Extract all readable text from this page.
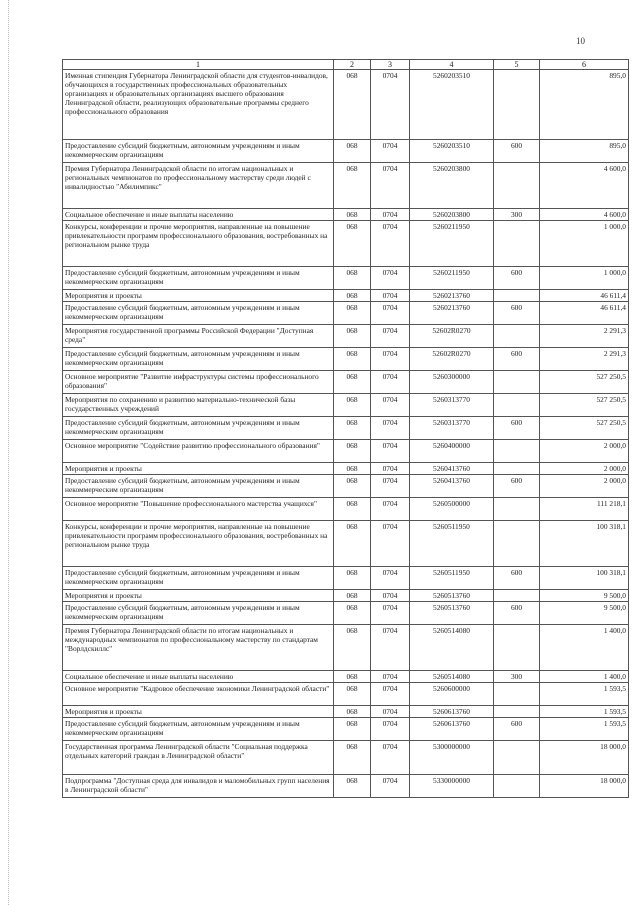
10
1	2	3	4	5	6
Именная стипендия Губернатора Ленинградской области для студентов-инвалидов, обучающихся в государственных профессиональных образовательных организациях и образовательных организациях высшего образования Ленинградской области, реализующих образовательные программы среднего профессионального образования	068	0704	5260203510		895,0
Предоставление субсидий бюджетным, автономным учреждениям и иным некоммерческим организациям	068	0704	5260203510	600	895,0
Премия Губернатора Ленинградской области по итогам национальных и региональных чемпионатов по профессиональному мастерству среди людей с инвалидностью "Абилимпикс"	068	0704	5260203800		4 600,0
Социальное обеспечение и иные выплаты населению	068	0704	5260203800	300	4 600,0
Конкурсы, конференции и прочие мероприятия, направленные на повышение привлекательности программ профессионального образования, востребованных на региональном рынке труда	068	0704	5260211950		1 000,0
Предоставление субсидий бюджетным, автономным учреждениям и иным некоммерческим организациям	068	0704	5260211950	600	1 000,0
Мероприятия и проекты	068	0704	5260213760		46 611,4
Предоставление субсидий бюджетным, автономным учреждениям и иным некоммерческим организациям	068	0704	5260213760	600	46 611,4
Мероприятия государственной программы Российской Федерации "Доступная среда"	068	0704	52602R0270		2 291,3
Предоставление субсидий бюджетным, автономным учреждениям и иным некоммерческим организациям	068	0704	52602R0270	600	2 291,3
Основное мероприятие "Развитие инфраструктуры системы профессионального образования"	068	0704	5260300000		527 250,5
Мероприятия по сохранению и развитию материально-технической базы государственных учреждений	068	0704	5260313770		527 250,5
Предоставление субсидий бюджетным, автономным учреждениям и иным некоммерческим организациям	068	0704	5260313770	600	527 250,5
Основное мероприятие "Содействие развитию профессионального образования"	068	0704	5260400000		2 000,0
Мероприятия и проекты	068	0704	5260413760		2 000,0
Предоставление субсидий бюджетным, автономным учреждениям и иным некоммерческим организациям	068	0704	5260413760	600	2 000,0
Основное мероприятие "Повышение профессионального мастерства учащихся"	068	0704	5260500000		111 218,1
Конкурсы, конференции и прочие мероприятия, направленные на повышение привлекательности программ профессионального образования, востребованных на региональном рынке труда	068	0704	5260511950		100 318,1
Предоставление субсидий бюджетным, автономным учреждениям и иным некоммерческим организациям	068	0704	5260511950	600	100 318,1
Мероприятия и проекты	068	0704	5260513760		9 500,0
Предоставление субсидий бюджетным, автономным учреждениям и иным некоммерческим организациям	068	0704	5260513760	600	9 500,0
Премия Губернатора Ленинградской области по итогам национальных и международных чемпионатов по профессиональному мастерству по стандартам "Ворлдскиллс"	068	0704	5260514080		1 400,0
Социальное обеспечение и иные выплаты населению	068	0704	5260514080	300	1 400,0
Основное мероприятие "Кадровое обеспечение экономики Ленинградской области"	068	0704	5260600000		1 593,5
Мероприятия и проекты	068	0704	5260613760		1 593,5
Предоставление субсидий бюджетным, автономным учреждениям и иным некоммерческим организациям	068	0704	5260613760	600	1 593,5
Государственная программа Ленинградской области "Социальная поддержка отдельных категорий граждан в Ленинградской области"	068	0704	5300000000		18 000,0
Подпрограмма "Доступная среда для инвалидов и маломобильных групп населения в Ленинградской области"	068	0704	5330000000		18 000,0
